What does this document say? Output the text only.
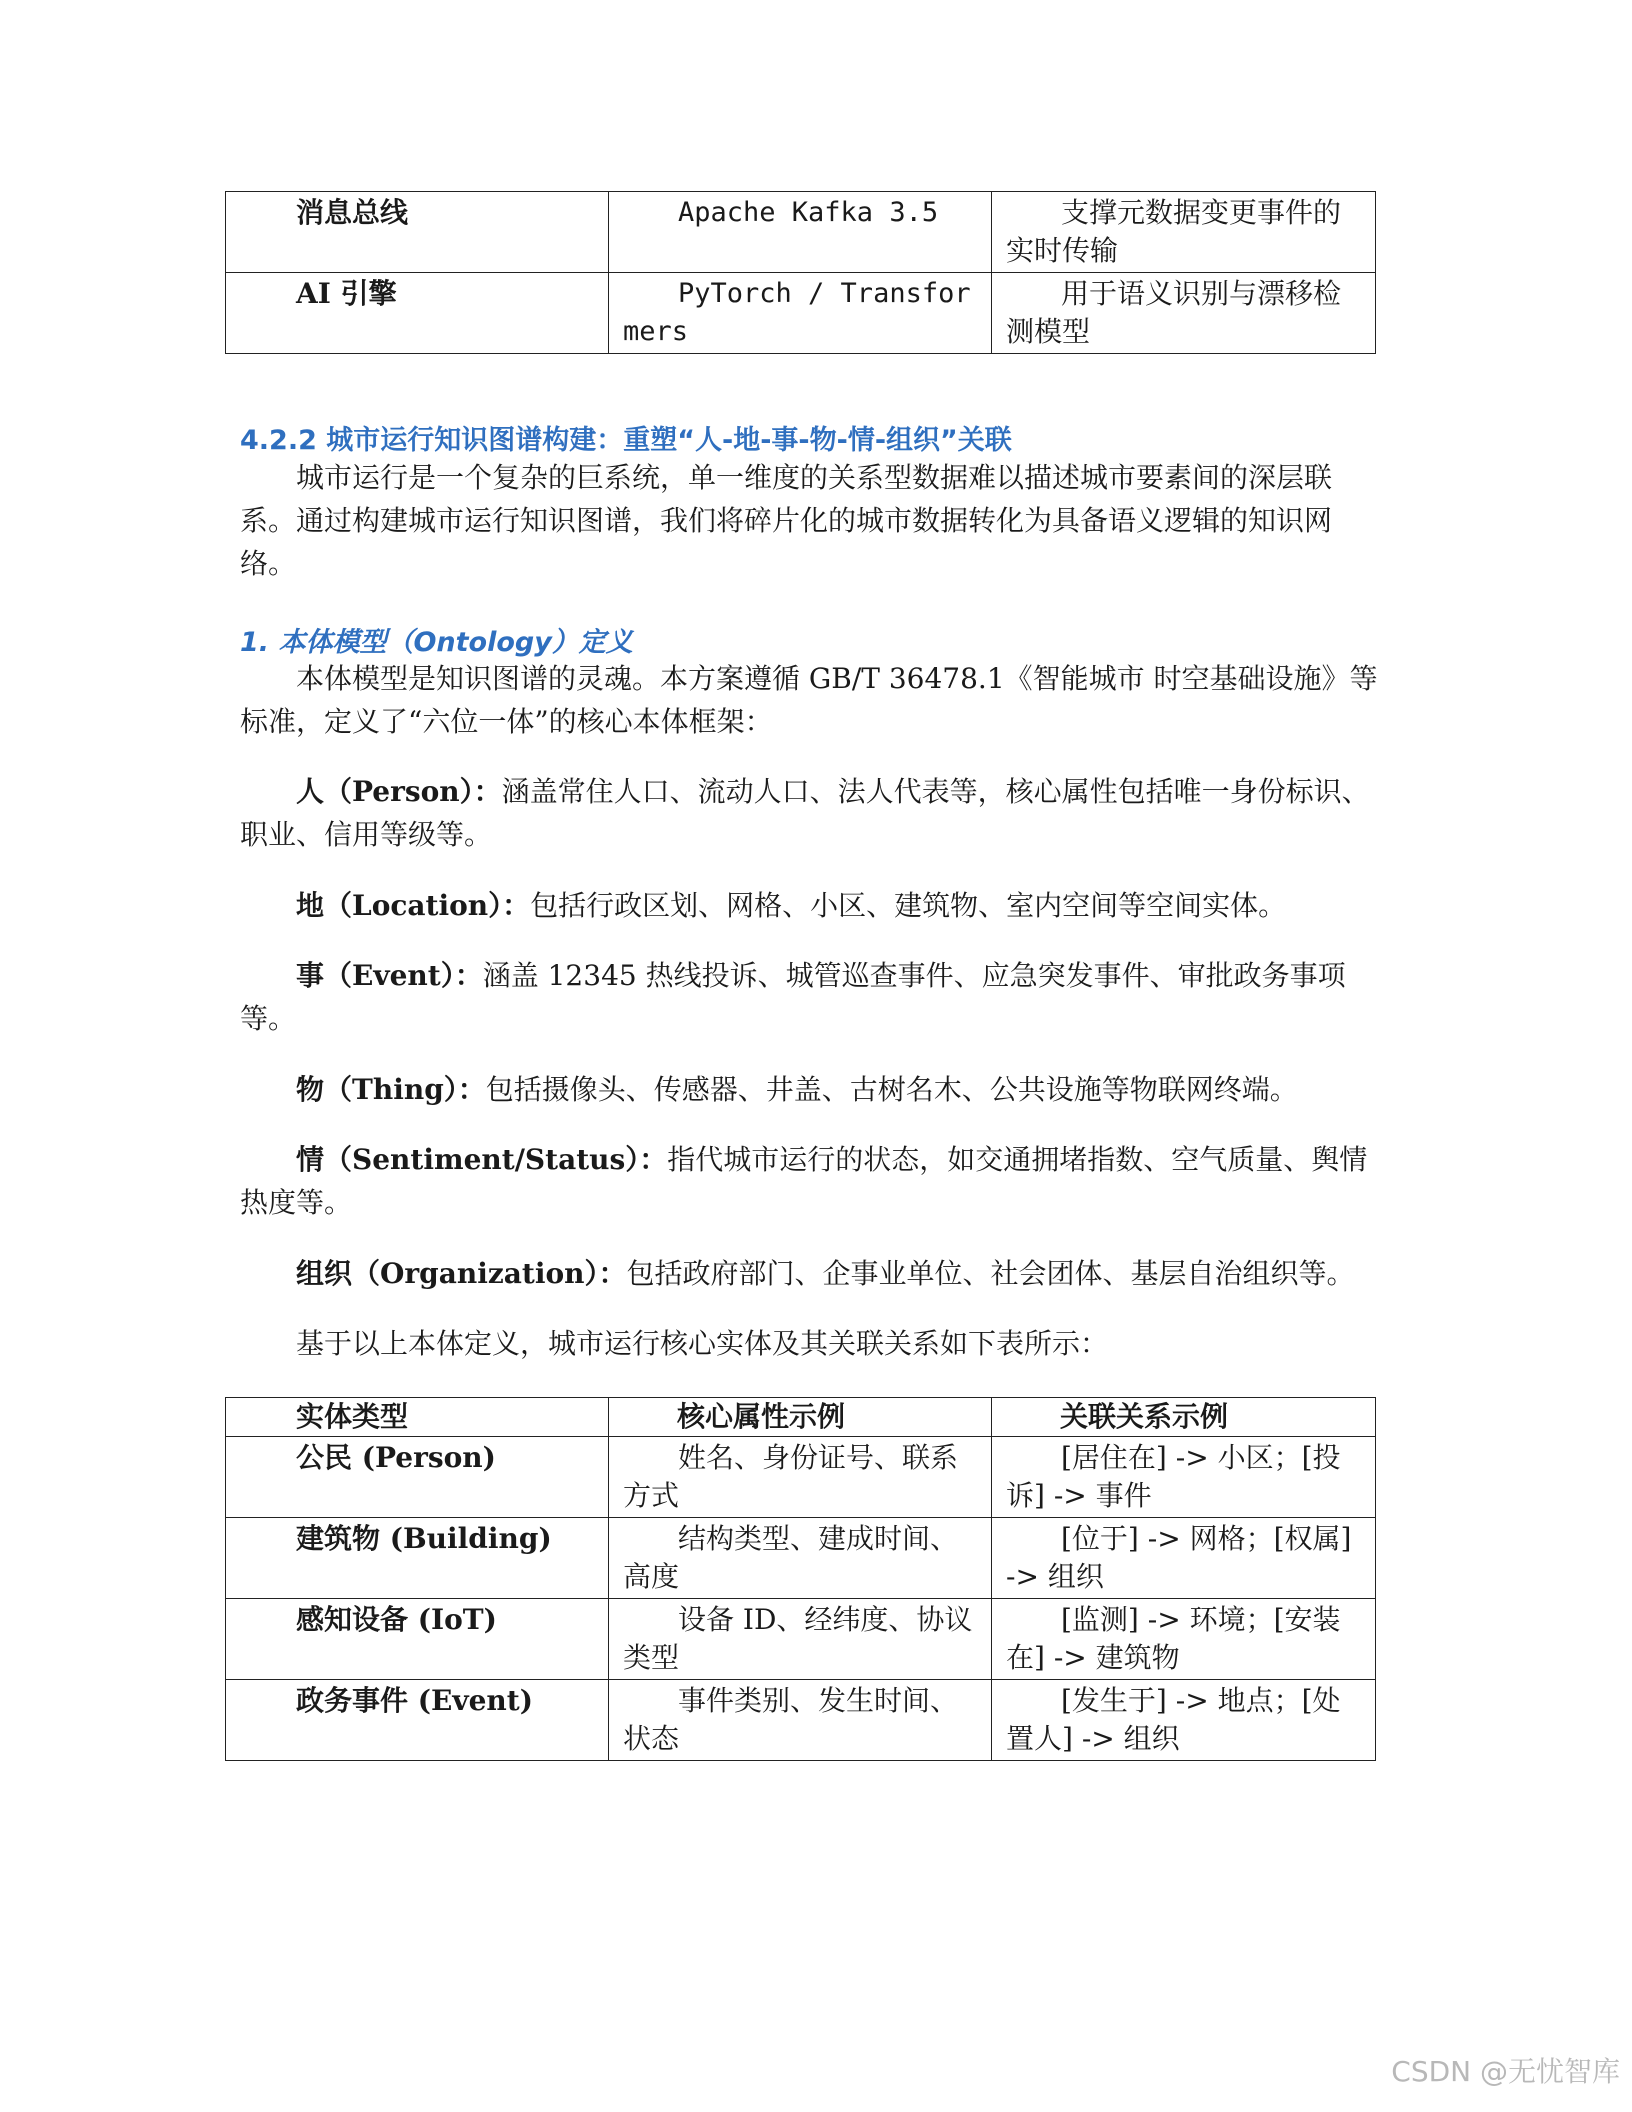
消息总线	Apache Kafka 3.5	支撑元数据变更事件的实时传输
AI 引擎	PyTorch / Transformers	用于语义识别与漂移检测模型
4.2.2 城市运行知识图谱构建：重塑“人-地-事-物-情-组织”关联

城市运行是一个复杂的巨系统，单一维度的关系型数据难以描述城市要素间的深层联系。通过构建城市运行知识图谱，我们将碎片化的城市数据转化为具备语义逻辑的知识网络。

1. 本体模型（Ontology）定义

本体模型是知识图谱的灵魂。本方案遵循 GB/T 36478.1《智能城市 时空基础设施》等标准，定义了“六位一体”的核心本体框架：

人（Person）：涵盖常住人口、流动人口、法人代表等，核心属性包括唯一身份标识、职业、信用等级等。

地（Location）：包括行政区划、网格、小区、建筑物、室内空间等空间实体。

事（Event）：涵盖 12345 热线投诉、城管巡查事件、应急突发事件、审批政务事项等。

物（Thing）：包括摄像头、传感器、井盖、古树名木、公共设施等物联网终端。

情（Sentiment/Status）：指代城市运行的状态，如交通拥堵指数、空气质量、舆情热度等。

组织（Organization）：包括政府部门、企事业单位、社会团体、基层自治组织等。

基于以上本体定义，城市运行核心实体及其关联关系如下表所示：

实体类型	核心属性示例	关联关系示例
公民 (Person)	姓名、身份证号、联系方式	[居住在] -> 小区；[投诉] -> 事件
建筑物 (Building)	结构类型、建成时间、高度	[位于] -> 网格；[权属] -> 组织
感知设备 (IoT)	设备 ID、经纬度、协议类型	[监测] -> 环境；[安装在] -> 建筑物
政务事件 (Event)	事件类别、发生时间、状态	[发生于] -> 地点；[处置人] -> 组织
CSDN @无忧智库
